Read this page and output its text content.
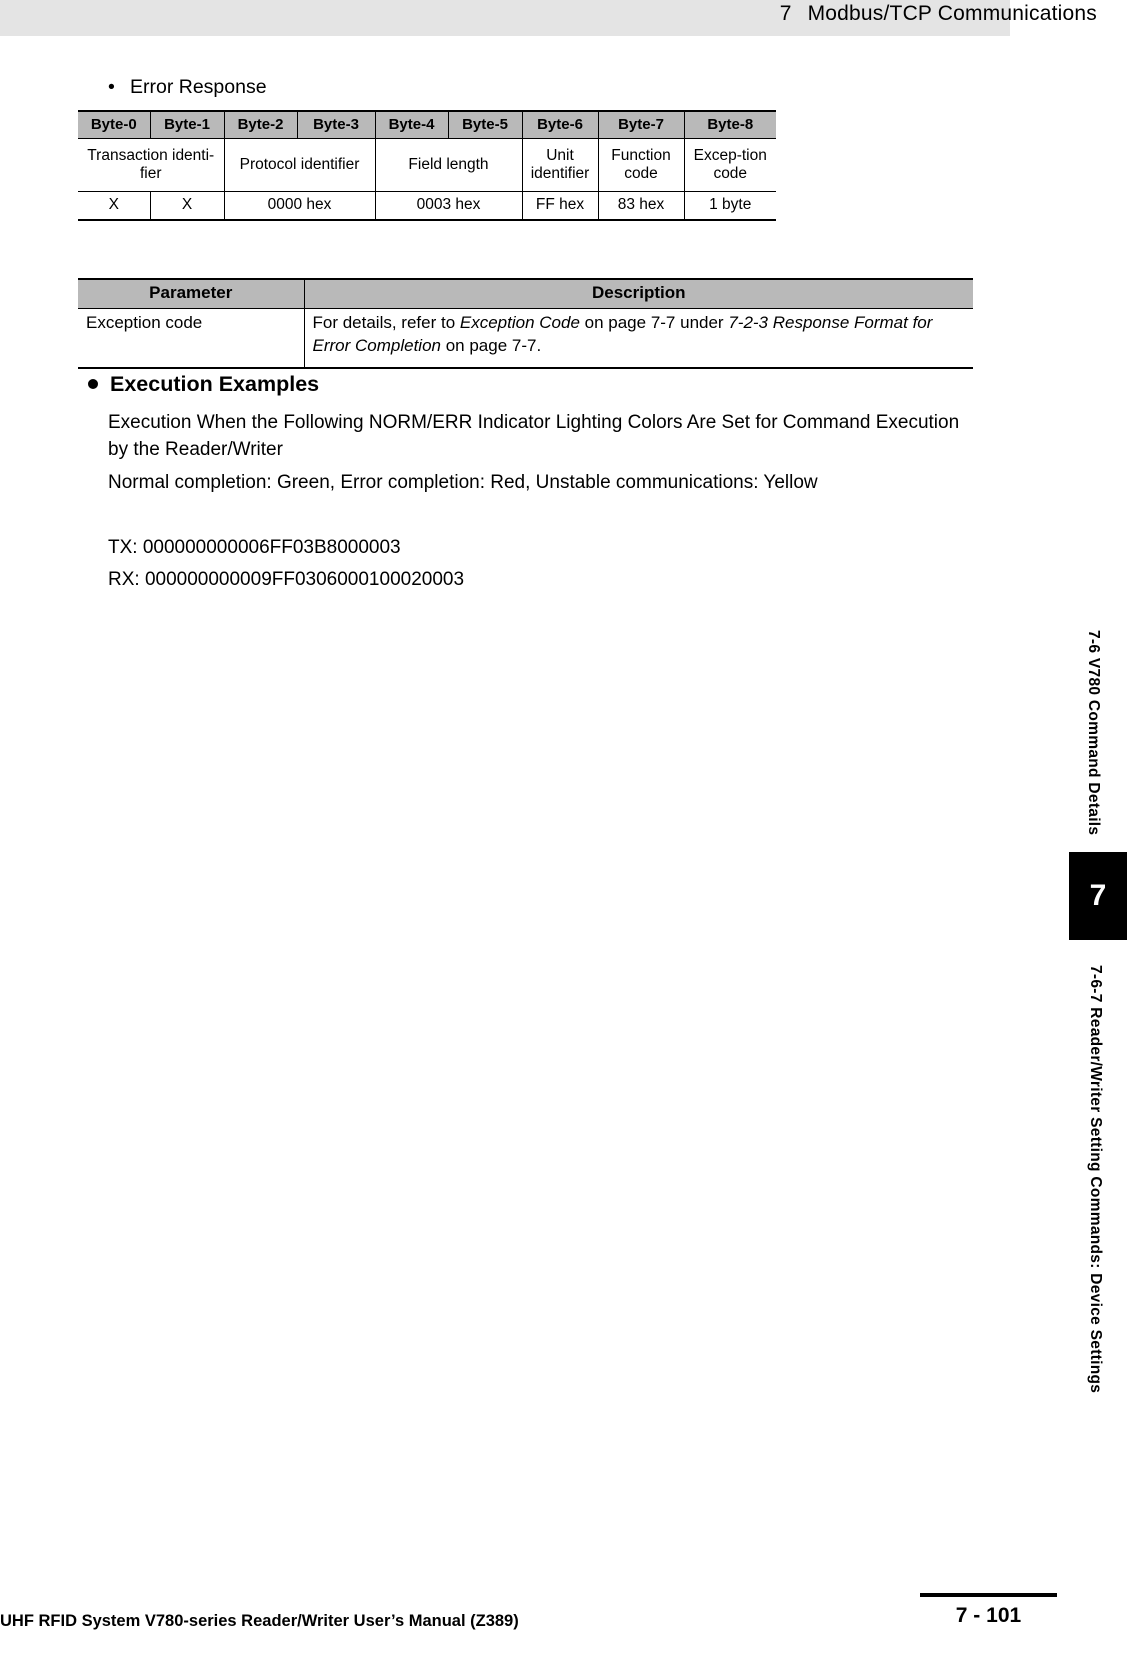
7 Modbus/TCP Communications
• Error Response
Byte-0	Byte-1	Byte-2	Byte-3	Byte-4	Byte-5	Byte-6	Byte-7	Byte-8
Transaction identi-fier		Protocol identifier		Field length		Unit identifier	Function code	Excep-tion code
X	X	0000 hex		0003 hex		FF hex	83 hex	1 byte
Parameter	Description
Exception code	For details, refer to Exception Code on page 7-7 under 7-2-3 Response Format for Error Completion on page 7-7.
Execution Examples
Execution When the Following NORM/ERR Indicator Lighting Colors Are Set for Command Execution by the Reader/Writer
Normal completion: Green, Error completion: Red, Unstable communications: Yellow
TX: 000000000006FF03B8000003
RX: 000000000009FF0306000100020003
7-6 V780 Command Details
7
7-6-7 Reader/Writer Setting Commands: Device Settings
UHF RFID System V780-series Reader/Writer User’s Manual (Z389)	7 - 101
